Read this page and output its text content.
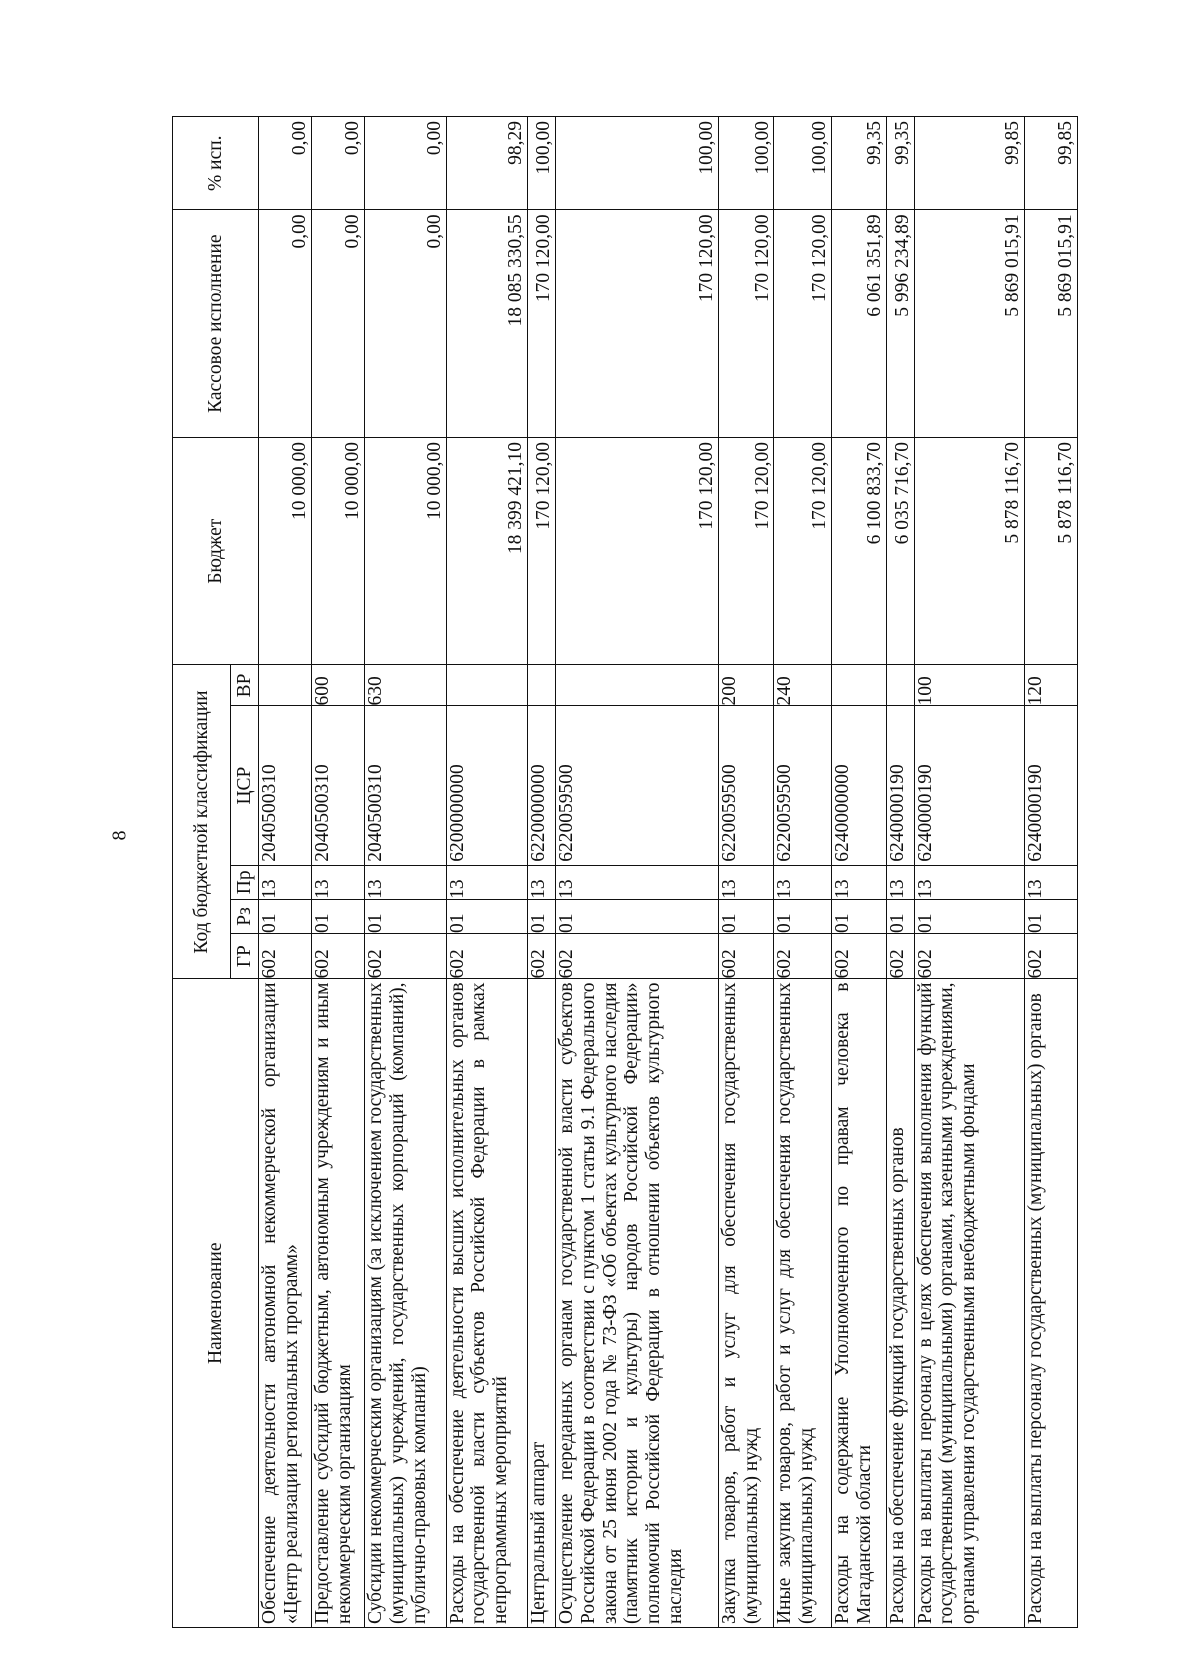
8
Наименование	Код бюджетной классификации					Бюджет	Кассовое исполнение	% исп.
	ГР	Рз	Пр	ЦСР	ВР			
Обеспечение деятельности автономной некоммерческой организации «Центр реализации региональных программ»	602	01	13	2040500310		10 000,00	0,00	0,00
Предоставление субсидий бюджетным, автономным учреждениям и иным некоммерческим организациям	602	01	13	2040500310	600	10 000,00	0,00	0,00
Субсидии некоммерческим организациям (за исключением государственных (муниципальных) учреждений, государственных корпораций (компаний), публично-правовых компаний)	602	01	13	2040500310	630	10 000,00	0,00	0,00
Расходы на обеспечение деятельности высших исполнительных органов государственной власти субъектов Российской Федерации в рамках непрограммных мероприятий	602	01	13	6200000000		18 399 421,10	18 085 330,55	98,29
Центральный аппарат	602	01	13	6220000000		170 120,00	170 120,00	100,00
Осуществление переданных органам государственной власти субъектов Российской Федерации в соответствии с пунктом 1 статьи 9.1 Федерального закона от 25 июня 2002 года № 73-ФЗ «Об объектах культурного наследия (памятник истории и культуры) народов Российской Федерации» полномочий Российской Федерации в отношении объектов культурного наследия	602	01	13	6220059500		170 120,00	170 120,00	100,00
Закупка товаров, работ и услуг для обеспечения государственных (муниципальных) нужд	602	01	13	6220059500	200	170 120,00	170 120,00	100,00
Иные закупки товаров, работ и услуг для обеспечения государственных (муниципальных) нужд	602	01	13	6220059500	240	170 120,00	170 120,00	100,00
Расходы на содержание Уполномоченного по правам человека в Магаданской области	602	01	13	6240000000		6 100 833,70	6 061 351,89	99,35
Расходы на обеспечение функций государственных органов	602	01	13	6240000190		6 035 716,70	5 996 234,89	99,35
Расходы на выплаты персоналу в целях обеспечения выполнения функций государственными (муниципальными) органами, казенными учреждениями, органами управления государственными внебюджетными фондами	602	01	13	6240000190	100	5 878 116,70	5 869 015,91	99,85
Расходы на выплаты персоналу государственных (муниципальных) органов	602	01	13	6240000190	120	5 878 116,70	5 869 015,91	99,85
